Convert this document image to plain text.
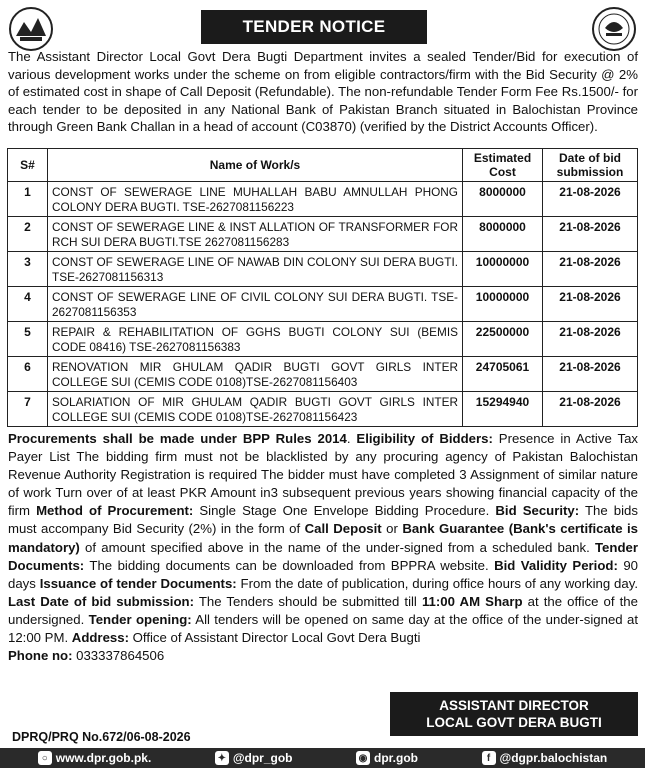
TENDER NOTICE
The Assistant Director Local Govt Dera Bugti Department invites a sealed Tender/Bid for execution of various development works under the scheme on from eligible contractors/firm with the Bid Security @ 2% of estimated cost in shape of Call Deposit (Refundable). The non-refundable Tender Form Fee Rs.1500/- for each tender to be deposited in any National Bank of Pakistan Branch situated in Balochistan Province through Green Bank Challan in a head of account (C03870) (verified by the District Accounts Officer).
S#	Name of Work/s	Estimated Cost	Date of bid submission
1	CONST OF SEWERAGE LINE MUHALLAH BABU AMNULLAH PHONG COLONY DERA BUGTI. TSE-2627081156223	8000000	21-08-2026
2	CONST OF SEWERAGE LINE & INST ALLATION OF TRANSFORMER FOR RCH SUI DERA BUGTI.TSE 2627081156283	8000000	21-08-2026
3	CONST OF SEWERAGE LINE OF NAWAB DIN COLONY SUI DERA BUGTI. TSE-2627081156313	10000000	21-08-2026
4	CONST OF SEWERAGE LINE OF CIVIL COLONY SUI DERA BUGTI. TSE-2627081156353	10000000	21-08-2026
5	REPAIR & REHABILITATION OF GGHS BUGTI COLONY SUI (BEMIS CODE 08416) TSE-2627081156383	22500000	21-08-2026
6	RENOVATION MIR GHULAM QADIR BUGTI GOVT GIRLS INTER COLLEGE SUI (CEMIS CODE 0108)TSE-2627081156403	24705061	21-08-2026
7	SOLARIATION OF MIR GHULAM QADIR BUGTI GOVT GIRLS INTER COLLEGE SUI (CEMIS CODE 0108)TSE-2627081156423	15294940	21-08-2026
Procurements shall be made under BPP Rules 2014. Eligibility of Bidders: Presence in Active Tax Payer List The bidding firm must not be blacklisted by any procuring agency of Pakistan Balochistan Revenue Authority Registration is required The bidder must have completed 3 Assignment of similar nature of work Turn over of at least PKR Amount in3 subsequent previous years showing financial capacity of the firm Method of Procurement: Single Stage One Envelope Bidding Procedure. Bid Security: The bids must accompany Bid Security (2%) in the form of Call Deposit or Bank Guarantee (Bank's certificate is mandatory) of amount specified above in the name of the under-signed from a scheduled bank. Tender Documents: The bidding documents can be downloaded from BPPRA website. Bid Validity Period: 90 days Issuance of tender Documents: From the date of publication, during office hours of any working day. Last Date of bid submission: The Tenders should be submitted till 11:00 AM Sharp at the office of the undersigned. Tender opening: All tenders will be opened on same day at the office of the under-signed at 12:00 PM. Address: Office of Assistant Director Local Govt Dera Bugti
Phone no: 033337864506
ASSISTANT DIRECTOR
LOCAL GOVT DERA BUGTI
DPRQ/PRQ No.672/06-08-2026
○ www.dpr.gob.pk.	✦ @dpr_gob	◉ dpr.gob	f @dgpr.balochistan
